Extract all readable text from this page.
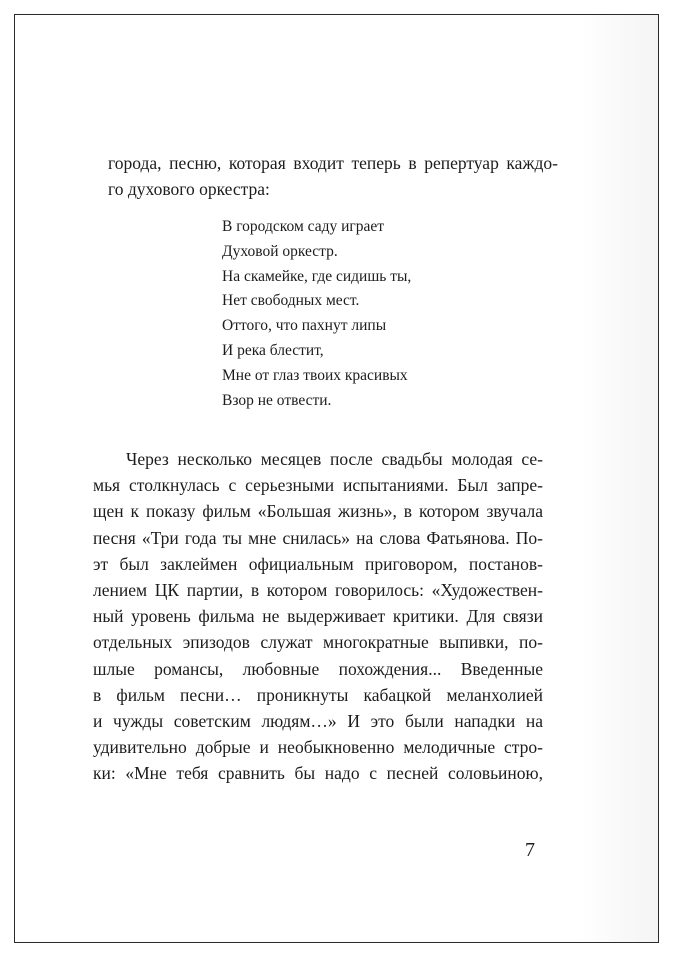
города, песню, которая входит теперь в репертуар каждо-
го духового оркестра:
В городском саду играет
Духовой оркестр.
На скамейке, где сидишь ты,
Нет свободных мест.
Оттого, что пахнут липы
И река блестит,
Мне от глаз твоих красивых
Взор не отвести.
Через несколько месяцев после свадьбы молодая се-
мья столкнулась с серьезными испытаниями. Был запре-
щен к показу фильм «Большая жизнь», в котором звучала
песня «Три года ты мне снилась» на слова Фатьянова. По-
эт был заклеймен официальным приговором, постанов-
лением ЦК партии, в котором говорилось: «Художествен-
ный уровень фильма не выдерживает критики. Для связи
отдельных эпизодов служат многократные выпивки, по-
шлые романсы, любовные похождения... Введенные
в фильм песни… проникнуты кабацкой меланхолией
и чужды советским людям…» И это были нападки на
удивительно добрые и необыкновенно мелодичные стро-
ки: «Мне тебя сравнить бы надо с песней соловьиною,
7
